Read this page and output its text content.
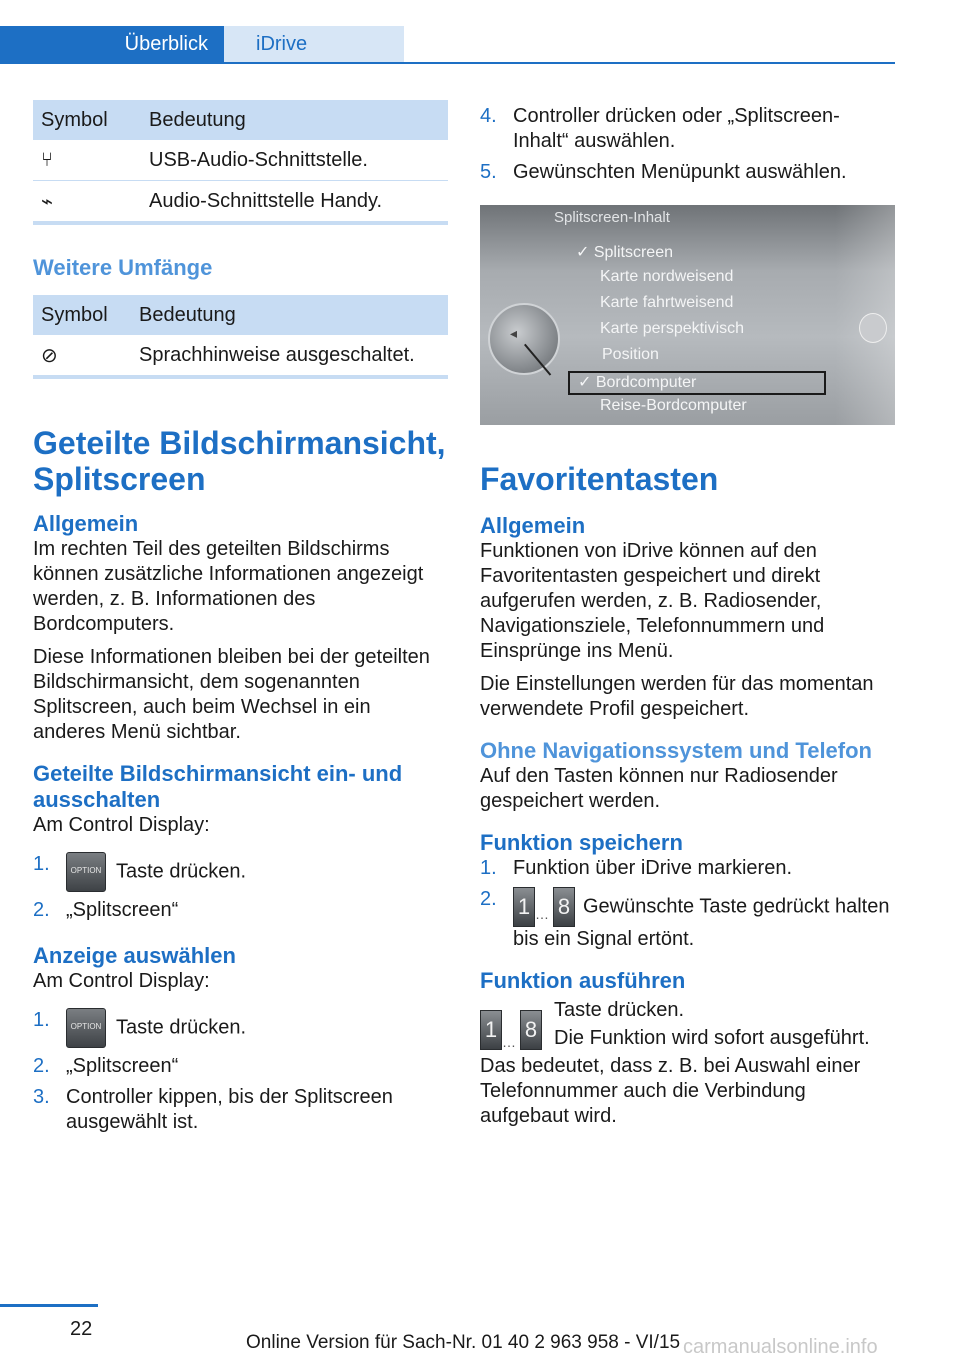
Überblick iDrive
Symbol	Bedeutung
⑂	USB-Audio-Schnittstelle.
⌁	Audio-Schnittstelle Handy.
Weitere Umfänge
Symbol	Bedeutung
⊘	Sprachhinweise ausgeschaltet.
Geteilte Bildschirmansicht, Splitscreen
Allgemein

Im rechten Teil des geteilten Bildschirms können zusätzliche Informationen angezeigt werden, z. B. Informationen des Bordcomputers.

Diese Informationen bleiben bei der geteilten Bildschirmansicht, dem sogenannten Splitscreen, auch beim Wechsel in ein anderes Menü sichtbar.

Geteilte Bildschirmansicht ein- und ausschalten

Am Control Display:

1.	OPTION Taste drücken.
2. „Splitscreen“
Anzeige auswählen

Am Control Display:

1.	OPTION Taste drücken.
2. „Splitscreen“
3. Controller kippen, bis der Splitscreen ausgewählt ist.
4. Controller drücken oder „Splitscreen-Inhalt“ auswählen.
5. Gewünschten Menüpunkt auswählen.
Splitscreen-Inhalt
◂
✓ Splitscreen
Karte nordweisend
Karte fahrtweisend
Karte perspektivisch
Position
✓ Bordcomputer
Reise-Bordcomputer
Favoritentasten
Allgemein

Funktionen von iDrive können auf den Favoritentasten gespeichert und direkt aufgerufen werden, z. B. Radiosender, Navigationsziele, Telefonnummern und Einsprünge ins Menü.

Die Einstellungen werden für das momentan verwendete Profil gespeichert.

Ohne Navigationssystem und Telefon

Auf den Tasten können nur Radiosender gespeichert werden.

Funktion speichern
1. Funktion über iDrive markieren.
2. 1 … 8 Gewünschte Taste gedrückt halten bis ein Signal ertönt.
Funktion ausführen
1 … 8

Taste drücken.

Die Funktion wird sofort ausgeführt.

Das bedeutet, dass z. B. bei Auswahl einer Telefonnummer auch die Verbindung aufgebaut wird.

22
Online Version für Sach-Nr. 01 40 2 963 958 - VI/15 carmanualsonline.info
